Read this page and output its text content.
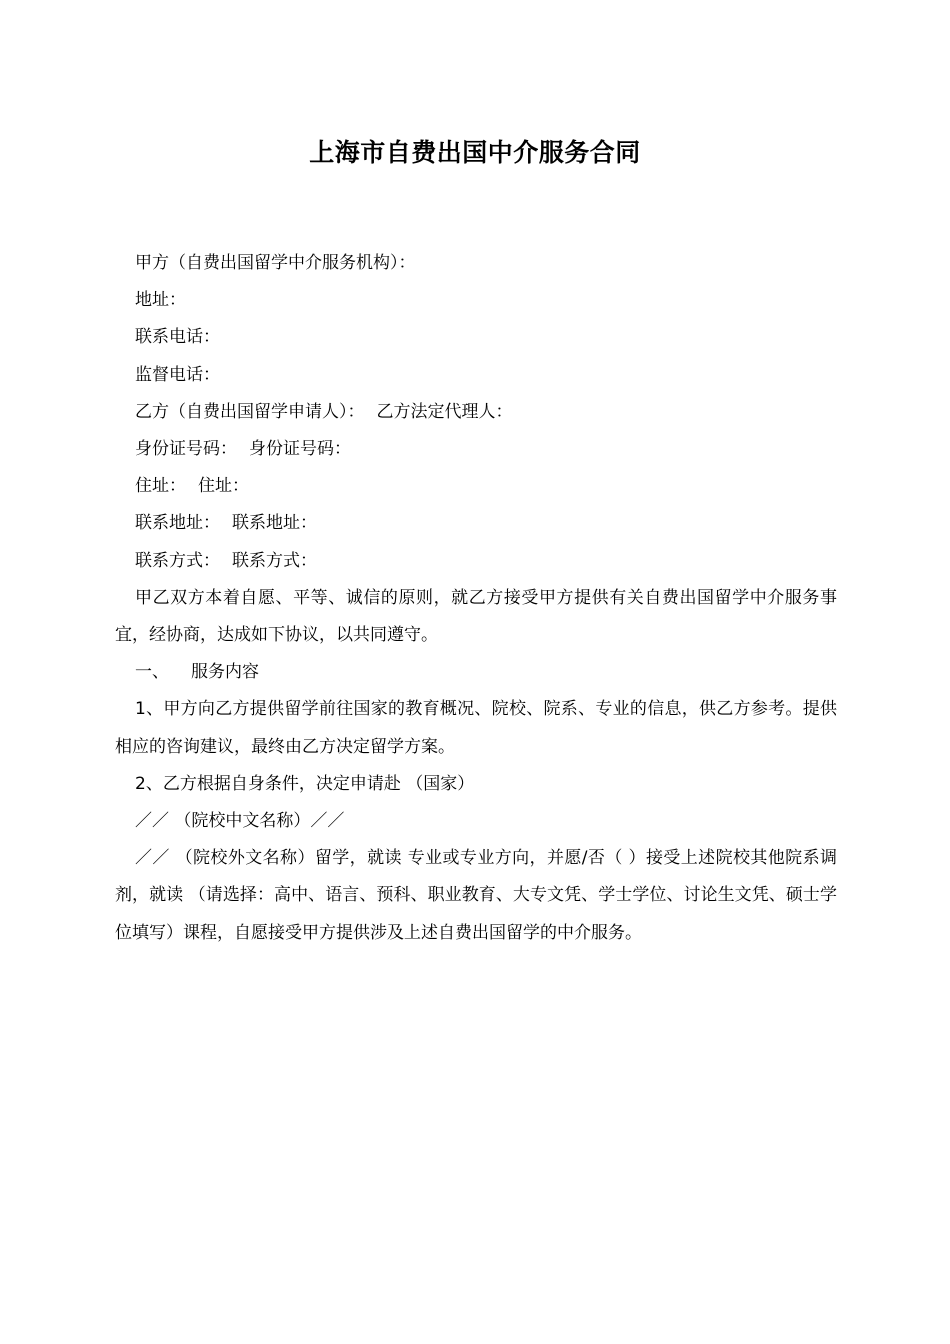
上海市自费出国中介服务合同

甲方（自费出国留学中介服务机构）：

地址：

联系电话：

监督电话：

乙方（自费出国留学申请人）： 乙方法定代理人：

身份证号码： 身份证号码：

住址： 住址：

联系地址： 联系地址：

联系方式： 联系方式：

甲乙双方本着自愿、平等、诚信的原则，就乙方接受甲方提供有关自费出国留学中介服务事宜，经协商，达成如下协议，以共同遵守。

一、 服务内容

1、甲方向乙方提供留学前往国家的教育概况、院校、院系、专业的信息，供乙方参考。提供相应的咨询建议，最终由乙方决定留学方案。

2、乙方根据自身条件，决定申请赴 （国家）

／／ （院校中文名称）／／

／／ （院校外文名称）留学，就读 专业或专业方向，并愿/否（ ）接受上述院校其他院系调剂，就读 （请选择：高中、语言、预科、职业教育、大专文凭、学士学位、讨论生文凭、硕士学位填写）课程，自愿接受甲方提供涉及上述自费出国留学的中介服务。
